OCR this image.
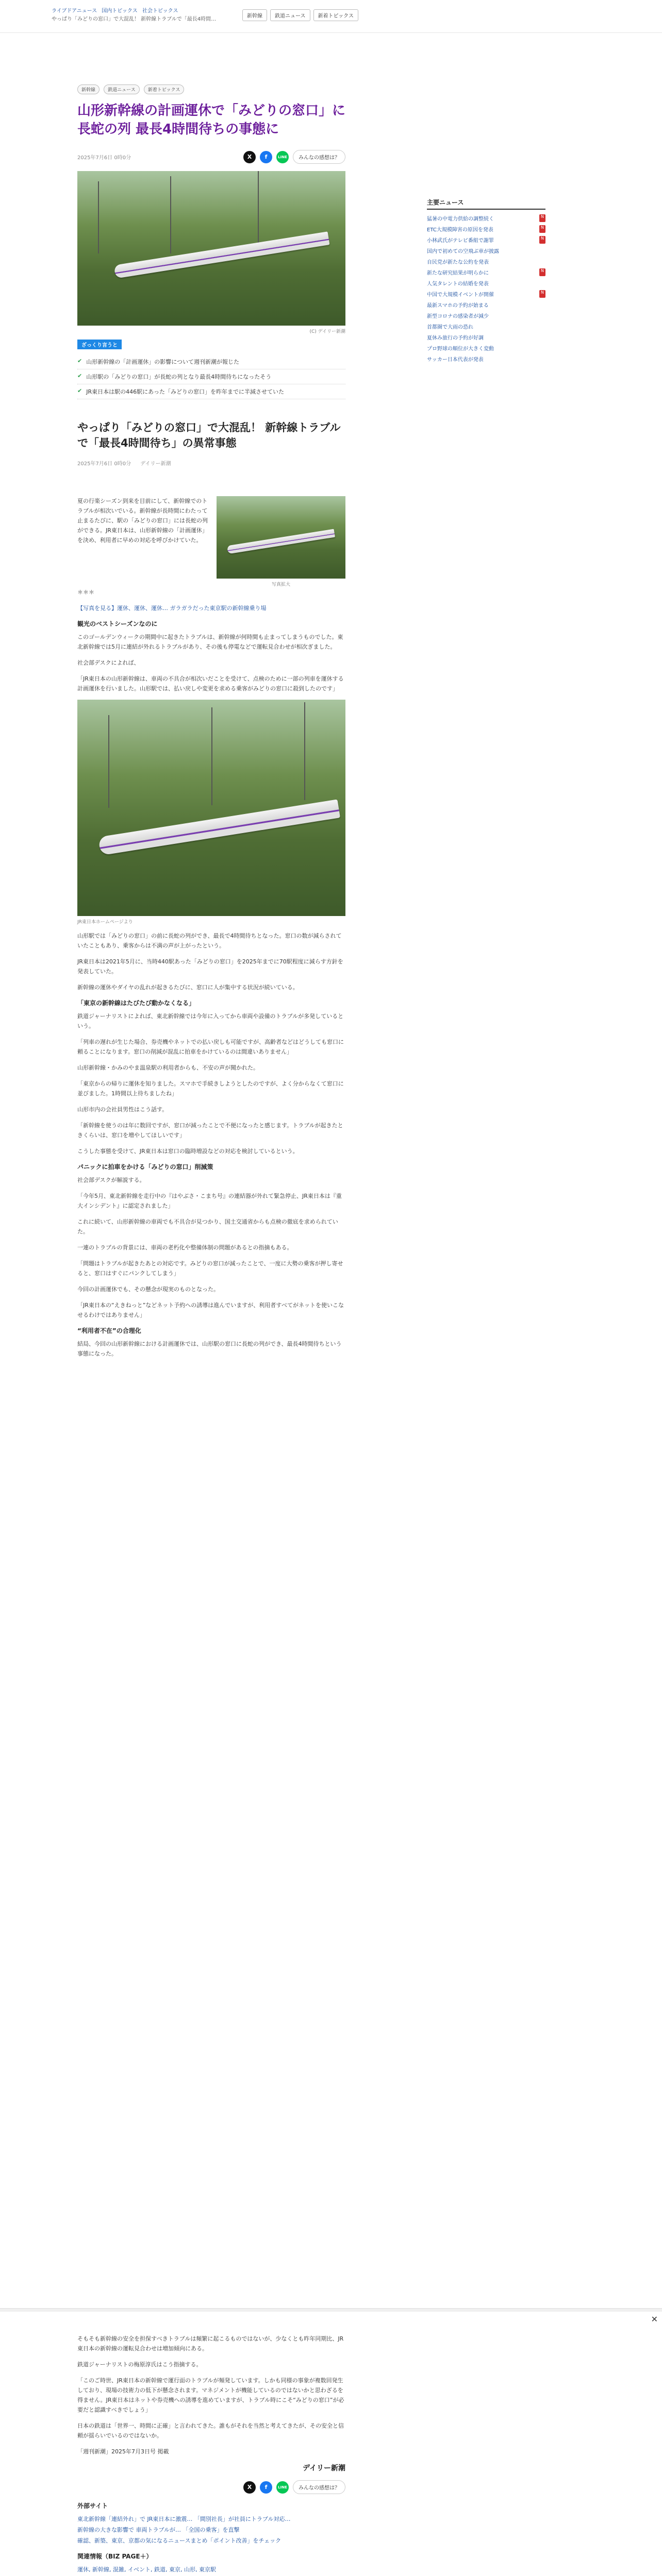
ライブドアニュース 国内トピックス 社会トピックス
やっぱり「みどりの窓口」で大混乱！ 新幹線トラブルで「最長4時間…
新幹線	鉄道ニュース	新着トピックス
新幹線	鉄道ニュース	新着トピックス
山形新幹線の計画運休で「みどりの窓口」に長蛇の列 最長4時間待ちの事態に
2025年7月6日 0時0分	X	f	LINE	みんなの感想は？
(C) デイリー新潮
ざっくり言うと
✔ 山形新幹線の「計画運休」の影響について週刊新潮が報じた
✔ 山形駅の「みどりの窓口」が長蛇の列となり最長4時間待ちになったそう
✔ JR東日本は駅の446駅にあった「みどりの窓口」を昨年までに半減させていた
やっぱり「みどりの窓口」で大混乱！ 新幹線トラブルで「最長4時間待ち」の異常事態
2025年7月6日 0時0分 デイリー新潮

夏の行楽シーズン到来を目前にして、新幹線でのトラブルが相次いでいる。新幹線が長時間にわたって止まるたびに、駅の「みどりの窓口」には長蛇の列ができる。JR東日本は、山形新幹線の「計画運休」を決め、利用者に早めの対応を呼びかけていた。

写真拡大

＊＊＊

【写真を見る】運休、運休、運休… ガラガラだった東京駅の新幹線乗り場

観光のベストシーズンなのに

このゴールデンウィークの期間中に起きたトラブルは、新幹線が何時間も止まってしまうものでした。東北新幹線では5月に連結が外れるトラブルがあり、その後も停電などで運転見合わせが相次ぎました。

社会部デスクによれば、

「JR東日本の山形新幹線は、車両の不具合が相次いだことを受けて、点検のために一部の列車を運休する計画運休を行いました。山形駅では、払い戻しや変更を求める乗客がみどりの窓口に殺到したのです」

JR東日本ホームページより

山形駅では「みどりの窓口」の前に長蛇の列ができ、最長で4時間待ちとなった。窓口の数が減らされていたこともあり、乗客からは不満の声が上がったという。

JR東日本は2021年5月に、当時440駅あった「みどりの窓口」を2025年までに70駅程度に減らす方針を発表していた。

新幹線の運休やダイヤの乱れが起きるたびに、窓口に人が集中する状況が続いている。

「東京の新幹線はたびたび動かなくなる」

鉄道ジャーナリストによれば、東北新幹線では今年に入ってから車両や設備のトラブルが多発しているという。

「列車の遅れが生じた場合、券売機やネットでの払い戻しも可能ですが、高齢者などはどうしても窓口に頼ることになります。窓口の削減が混乱に拍車をかけているのは間違いありません」

山形新幹線・かみのやま温泉駅の利用者からも、不安の声が聞かれた。

「東京からの帰りに運休を知りました。スマホで手続きしようとしたのですが、よく分からなくて窓口に並びました。1時間以上待ちましたね」

山形市内の会社員男性はこう話す。

「新幹線を使うのは年に数回ですが、窓口が減ったことで不便になったと感じます。トラブルが起きたときくらいは、窓口を増やしてほしいです」

こうした事態を受けて、JR東日本は窓口の臨時増設などの対応を検討しているという。

パニックに拍車をかける「みどりの窓口」削減策

社会部デスクが解説する。

「今年5月、東北新幹線を走行中の『はやぶさ・こまち号』の連結器が外れて緊急停止、JR東日本は『重大インシデント』に認定されました」

これに続いて、山形新幹線の車両でも不具合が見つかり、国土交通省からも点検の徹底を求められていた。

一連のトラブルの背景には、車両の老朽化や整備体制の問題があるとの指摘もある。

「問題はトラブルが起きたあとの対応です。みどりの窓口が減ったことで、一度に大勢の乗客が押し寄せると、窓口はすぐにパンクしてしまう」

今回の計画運休でも、その懸念が現実のものとなった。

「JR東日本の“えきねっと”などネット予約への誘導は進んでいますが、利用者すべてがネットを使いこなせるわけではありません」

“利用者不在”の合理化

結局、今回の山形新幹線における計画運休では、山形駅の窓口に長蛇の列ができ、最長4時間待ちという事態になった。

✕

そもそも新幹線の安全を担保すべきトラブルは頻繁に起こるものではないが、少なくとも昨年同期比、JR東日本の新幹線の運転見合わせは増加傾向にある。

鉄道ジャーナリストの梅原淳氏はこう指摘する。

「このご時世、JR東日本の新幹線で運行面のトラブルが頻発しています。しかも同様の事象が複数回発生しており、現場の技術力の低下が懸念されます。マネジメントが機能しているのではないかと思わざるを得ません。JR東日本はネットや券売機への誘導を進めていますが、トラブル時にこそ“みどりの窓口”が必要だと認識すべきでしょう」

日本の鉄道は「世界一、時間に正確」と言われてきた。誰もがそれを当然と考えてきたが、その安全と信頼が揺らいでいるのではないか。

「週刊新潮」2025年7月3日号 掲載

デイリー新潮
X	f	LINE	みんなの感想は？
外部サイト

東北新幹線「連結外れ」で JR東日本に激震… 「間別社長」が社員にトラブル対応…

新幹線の大きな影響で 車両トラブルが… 「全国の乗客」を直撃

確認、新築、東京、京都の気になるニュースまとめ「ポイント改善」をチェック

関連情報（BIZ PAGE＋）

運休, 新幹線, 混雑, イベント, 鉄道, 東京, 山形, 東京駅

主要ニュース
猛暑の中電力供給の調整続く	N
ETC大規模障害の原因を発表	N
小林武氏がテレビ番組で謝罪	N
国内で初めての空飛ぶ車が披露
自民党が新たな公約を発表
新たな研究結果が明らかに	N
人気タレントの結婚を発表
中国で大規模イベントが開催	N
最新スマホの予約が始まる
新型コロナの感染者が減少
首都圏で大雨の恐れ
夏休み旅行の予約が好調
プロ野球の順位が大きく変動
サッカー日本代表が発表
